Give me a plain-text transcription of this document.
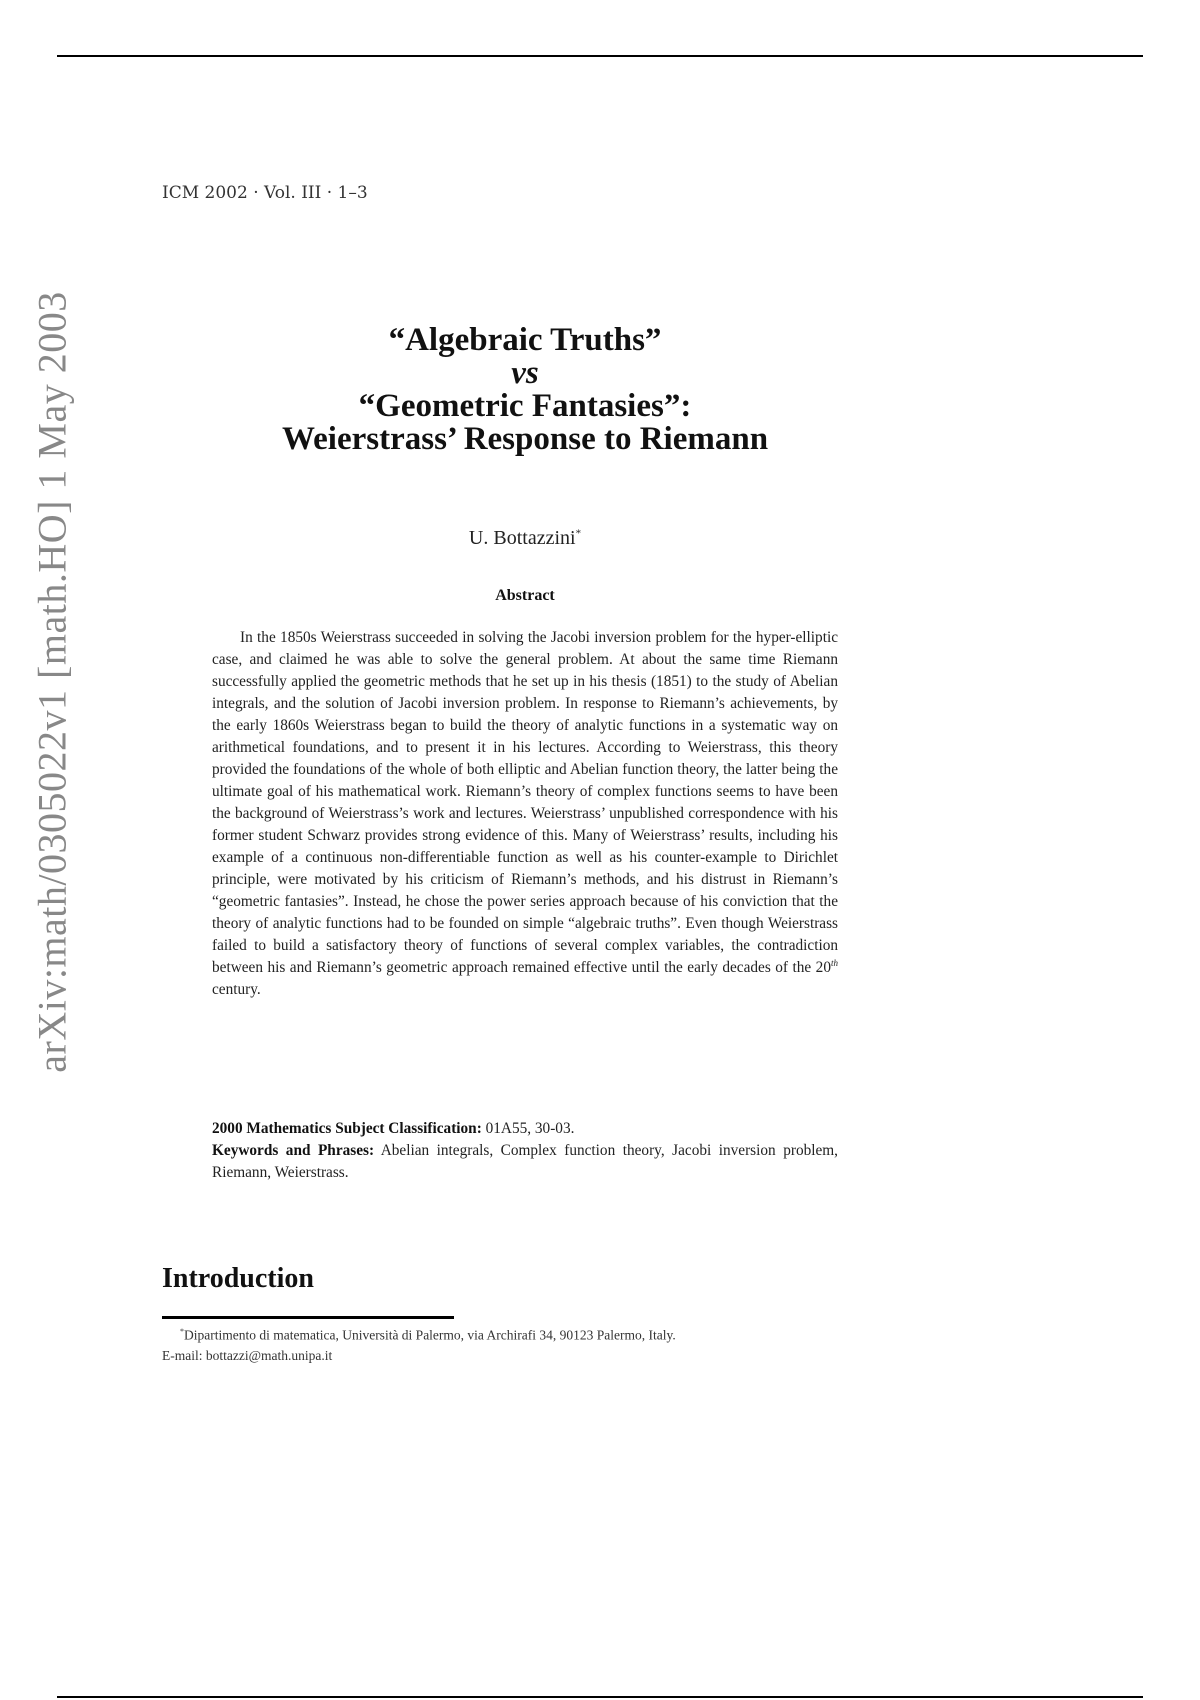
ICM 2002 · Vol. III · 1–3
arXiv:math/0305022v1 [math.HO] 1 May 2003	“Algebraic Truths”
vs
“Geometric Fantasies”:
Weierstrass’ Response to Riemann
U. Bottazzini*
Abstract

In the 1850s Weierstrass succeeded in solving the Jacobi inversion problem for the hyper-elliptic case, and claimed he was able to solve the general problem. At about the same time Riemann successfully applied the geometric methods that he set up in his thesis (1851) to the study of Abelian integrals, and the solution of Jacobi inversion problem. In response to Riemann’s achievements, by the early 1860s Weierstrass began to build the theory of analytic functions in a systematic way on arithmetical foundations, and to present it in his lectures. According to Weierstrass, this theory provided the foundations of the whole of both elliptic and Abelian function theory, the latter being the ultimate goal of his mathematical work. Riemann’s theory of complex functions seems to have been the background of Weierstrass’s work and lectures. Weierstrass’ unpublished correspondence with his former student Schwarz provides strong evidence of this. Many of Weierstrass’ results, including his example of a continuous non-differentiable function as well as his counter-example to Dirichlet principle, were motivated by his criticism of Riemann’s methods, and his distrust in Riemann’s “geometric fantasies”. Instead, he chose the power series approach because of his conviction that the theory of analytic functions had to be founded on simple “algebraic truths”. Even though Weierstrass failed to build a satisfactory theory of functions of several complex variables, the contradiction between his and Riemann’s geometric approach remained effective until the early decades of the 20th century.

2000 Mathematics Subject Classification: 01A55, 30-03.

Keywords and Phrases: Abelian integrals, Complex function theory, Jacobi inversion problem, Riemann, Weierstrass.

Introduction

*Dipartimento di matematica, Università di Palermo, via Archirafi 34, 90123 Palermo, Italy.

E-mail: bottazzi@math.unipa.it
